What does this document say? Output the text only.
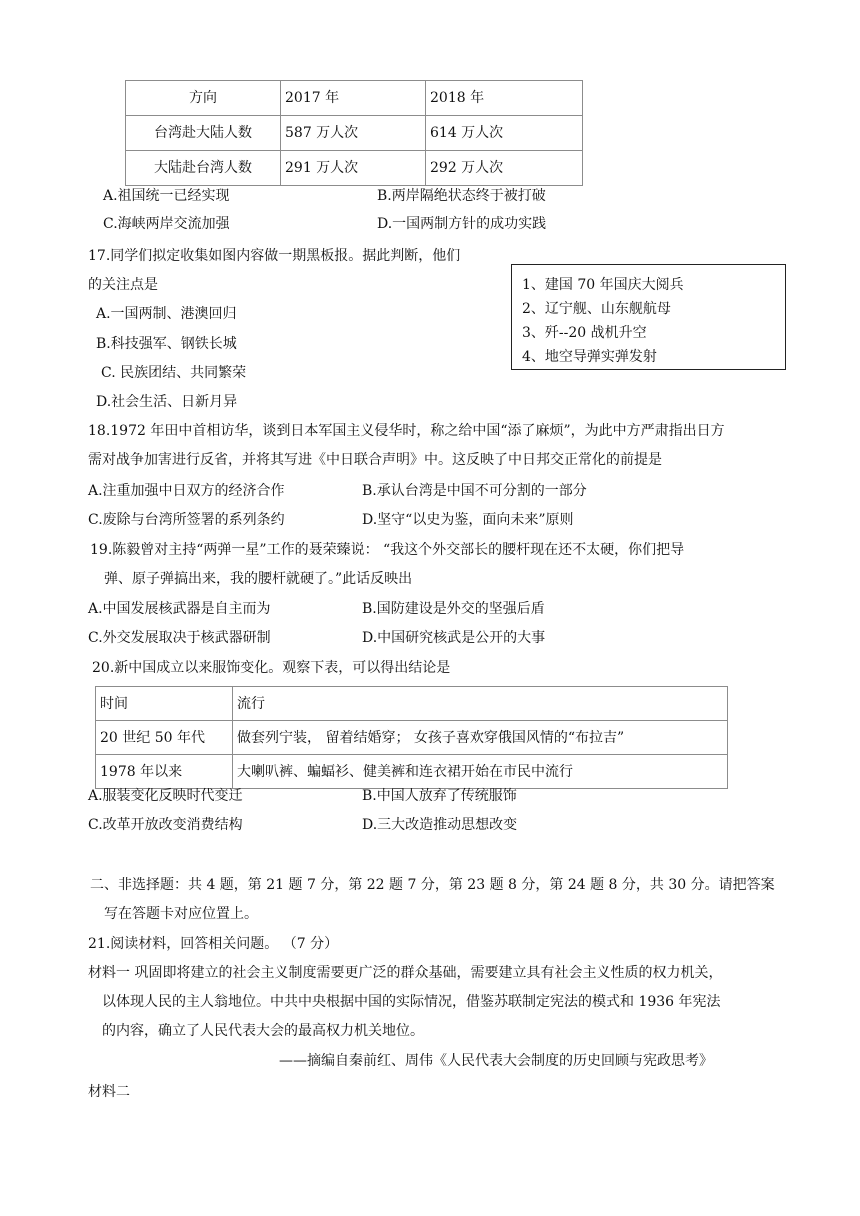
方向	2017 年	2018 年
台湾赴大陆人数	587 万人次	614 万人次
大陆赴台湾人数	291 万人次	292 万人次
A.祖国统一已经实现	B.两岸隔绝状态终于被打破
C.海峡两岸交流加强	D.一国两制方针的成功实践
17.同学们拟定收集如图内容做一期黑板报。据此判断，他们
的关注点是	1、建国 70 年国庆大阅兵
2、辽宁舰、山东舰航母
3、歼--20 战机升空
4、地空导弹实弹发射
A.一国两制、港澳回归
B.科技强军、钢铁长城
C. 民族团结、共同繁荣
D.社会生活、日新月异
18.1972 年田中首相访华，谈到日本军国主义侵华时，称之给中国“添了麻烦”，为此中方严肃指出日方
需对战争加害进行反省，并将其写进《中日联合声明》中。这反映了中日邦交正常化的前提是
A.注重加强中日双方的经济合作	B.承认台湾是中国不可分割的一部分
C.废除与台湾所签署的系列条约	D.坚守“以史为鉴，面向未来”原则
19.陈毅曾对主持“两弹一星”工作的聂荣臻说： “我这个外交部长的腰杆现在还不太硬，你们把导
弹、原子弹搞出来，我的腰杆就硬了。”此话反映出
A.中国发展核武器是自主而为	B.国防建设是外交的坚强后盾
C.外交发展取决于核武器研制	D.中国研究核武是公开的大事
20.新中国成立以来服饰变化。观察下表，可以得出结论是
时间	流行
20 世纪 50 年代	做套列宁装， 留着结婚穿； 女孩子喜欢穿俄国风情的“布拉吉”
1978 年以来	大喇叭裤、蝙蝠衫、健美裤和连衣裙开始在市民中流行
A.服装变化反映时代变迁	B.中国人放弃了传统服饰
C.改革开放改变消费结构	D.三大改造推动思想改变
二、非选择题：共 4 题，第 21 题 7 分，第 22 题 7 分，第 23 题 8 分，第 24 题 8 分，共 30 分。请把答案
写在答题卡对应位置上。
21.阅读材料，回答相关问题。 （7 分）
材料一 巩固即将建立的社会主义制度需要更广泛的群众基础，需要建立具有社会主义性质的权力机关，
以体现人民的主人翁地位。中共中央根据中国的实际情况，借鉴苏联制定宪法的模式和 1936 年宪法
的内容，确立了人民代表大会的最高权力机关地位。
——摘编自秦前红、周伟《人民代表大会制度的历史回顾与宪政思考》
材料二
